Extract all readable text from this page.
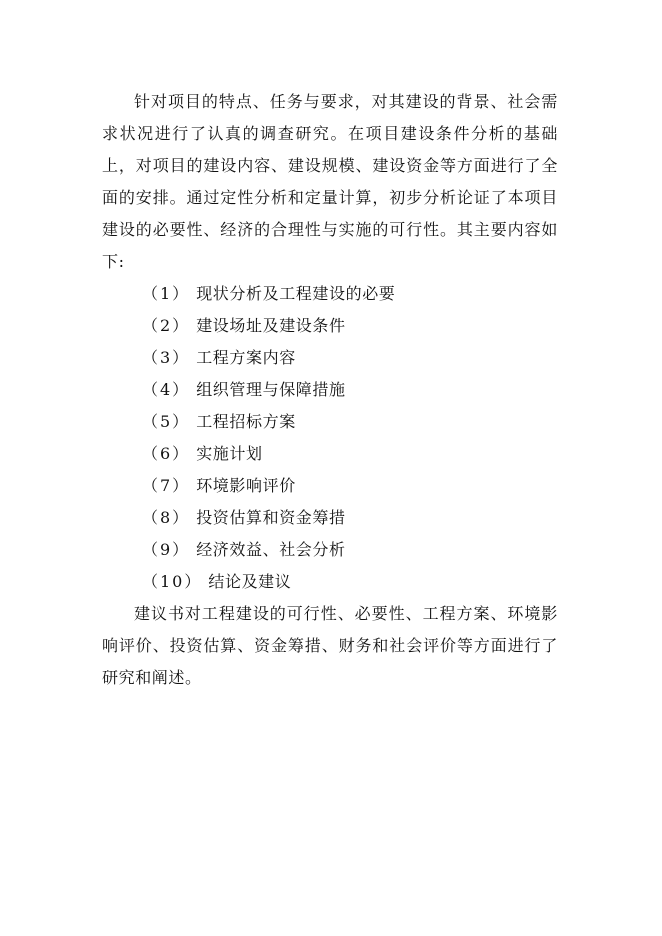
针对项目的特点、任务与要求，对其建设的背景、社会需求状况进行了认真的调查研究。在项目建设条件分析的基础上，对项目的建设内容、建设规模、建设资金等方面进行了全面的安排。通过定性分析和定量计算，初步分析论证了本项目建设的必要性、经济的合理性与实施的可行性。其主要内容如下:

（1） 现状分析及工程建设的必要
（2） 建设场址及建设条件
（3） 工程方案内容
（4） 组织管理与保障措施
（5） 工程招标方案
（6） 实施计划
（7） 环境影响评价
（8） 投资估算和资金筹措
（9） 经济效益、社会分析
（10） 结论及建议

建议书对工程建设的可行性、必要性、工程方案、环境影响评价、投资估算、资金筹措、财务和社会评价等方面进行了研究和阐述。
